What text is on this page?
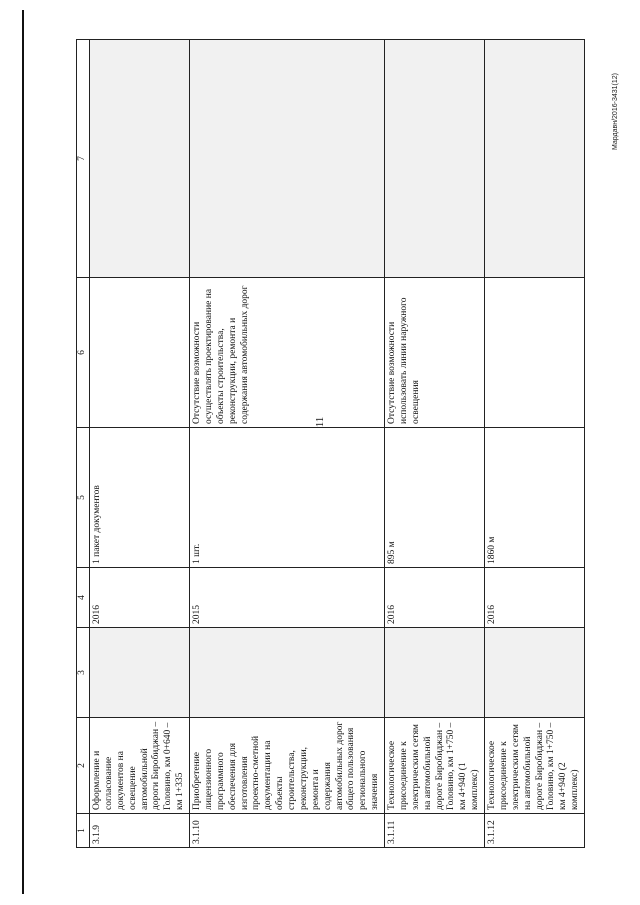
Мардавн/2016-3431(12)
11
1	2	3	4	5	6	7
3.1.9	Оформление и согласование документов на освещение автомобильной дороги Биробиджан – Головино, км 0+640 – км 1+335		2016	1 пакет документов		
3.1.10	Приобретение лицензионного программного обеспечения для изготовления проектно-сметной документации на объекты строительства, реконструкции, ремонта и содержания автомобильных дорог общего пользования регионального значения		2015	1 шт.	Отсутствие возможности осуществлять проектирование на объекты строительства, реконструкции, ремонта и содержания автомобильных дорог	
3.1.11	Технологическое присоединение к электрическим сетям на автомобильной дороге Биробиджан – Головино, км 1+750 – км 4+940 (1 комплекс)		2016	895 м	Отсутствие возможности использовать линии наружного освещения	
3.1.12	Технологическое присоединение к электрическим сетям на автомобильной дороге Биробиджан – Головино, км 1+750 – км 4+940 (2 комплекс)		2016	1860 м		
